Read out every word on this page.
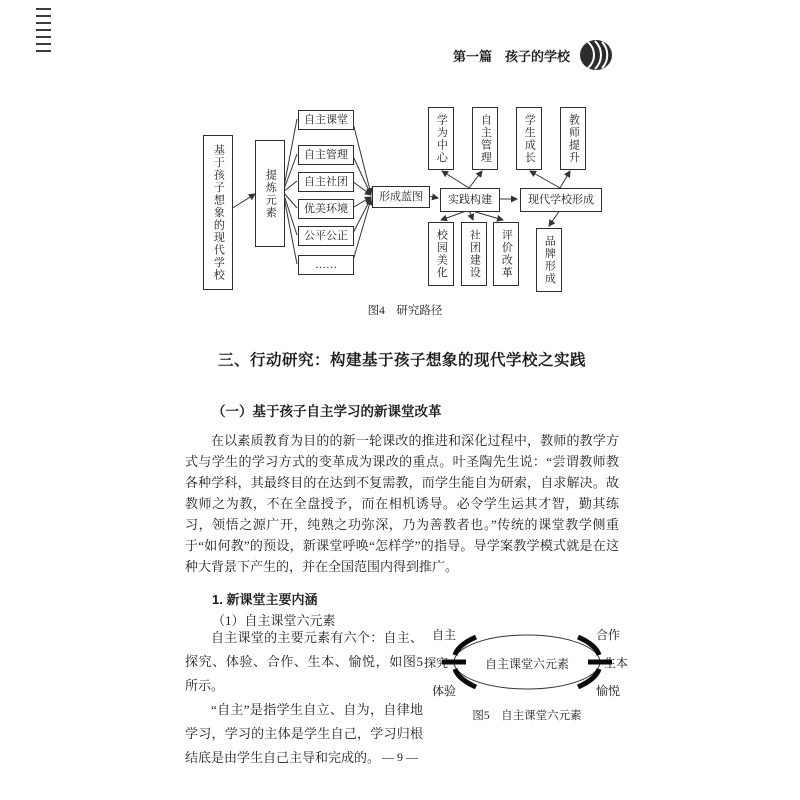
第一篇　孩子的学校
基于孩子想象的现代学校	提炼元素
自主课堂
自主管理
自主社团
优美环境
公平公正
……
形成蓝图	实践构建	现代学校形成
学为中心	自主管理	学生成长	教师提升
校园美化	社团建设	评价改革	品牌形成
图4　研究路径
三、行动研究：构建基于孩子想象的现代学校之实践
（一）基于孩子自主学习的新课堂改革
在以素质教育为目的的新一轮课改的推进和深化过程中，教师的教学方式与学生的学习方式的变革成为课改的重点。叶圣陶先生说：“尝谓教师教各种学科，其最终目的在达到不复需教，而学生能自为研索，自求解决。故教师之为教，不在全盘授予，而在相机诱导。必令学生运其才智，勤其练习，领悟之源广开，纯熟之功弥深，乃为善教者也。”传统的课堂教学侧重于“如何教”的预设，新课堂呼唤“怎样学”的指导。导学案教学模式就是在这种大背景下产生的，并在全国范围内得到推广。
1. 新课堂主要内涵
（1）自主课堂六元素
自主课堂的主要元素有六个：自主、探究、体验、合作、生本、愉悦，如图5所示。
“自主”是指学生自立、自为，自律地学习，学习的主体是学生自己，学习归根结底是由学生自己主导和完成的。
自主课堂六元素
自主	合作
探究	生本
体验	愉悦
图5　自主课堂六元素
— 9 —
